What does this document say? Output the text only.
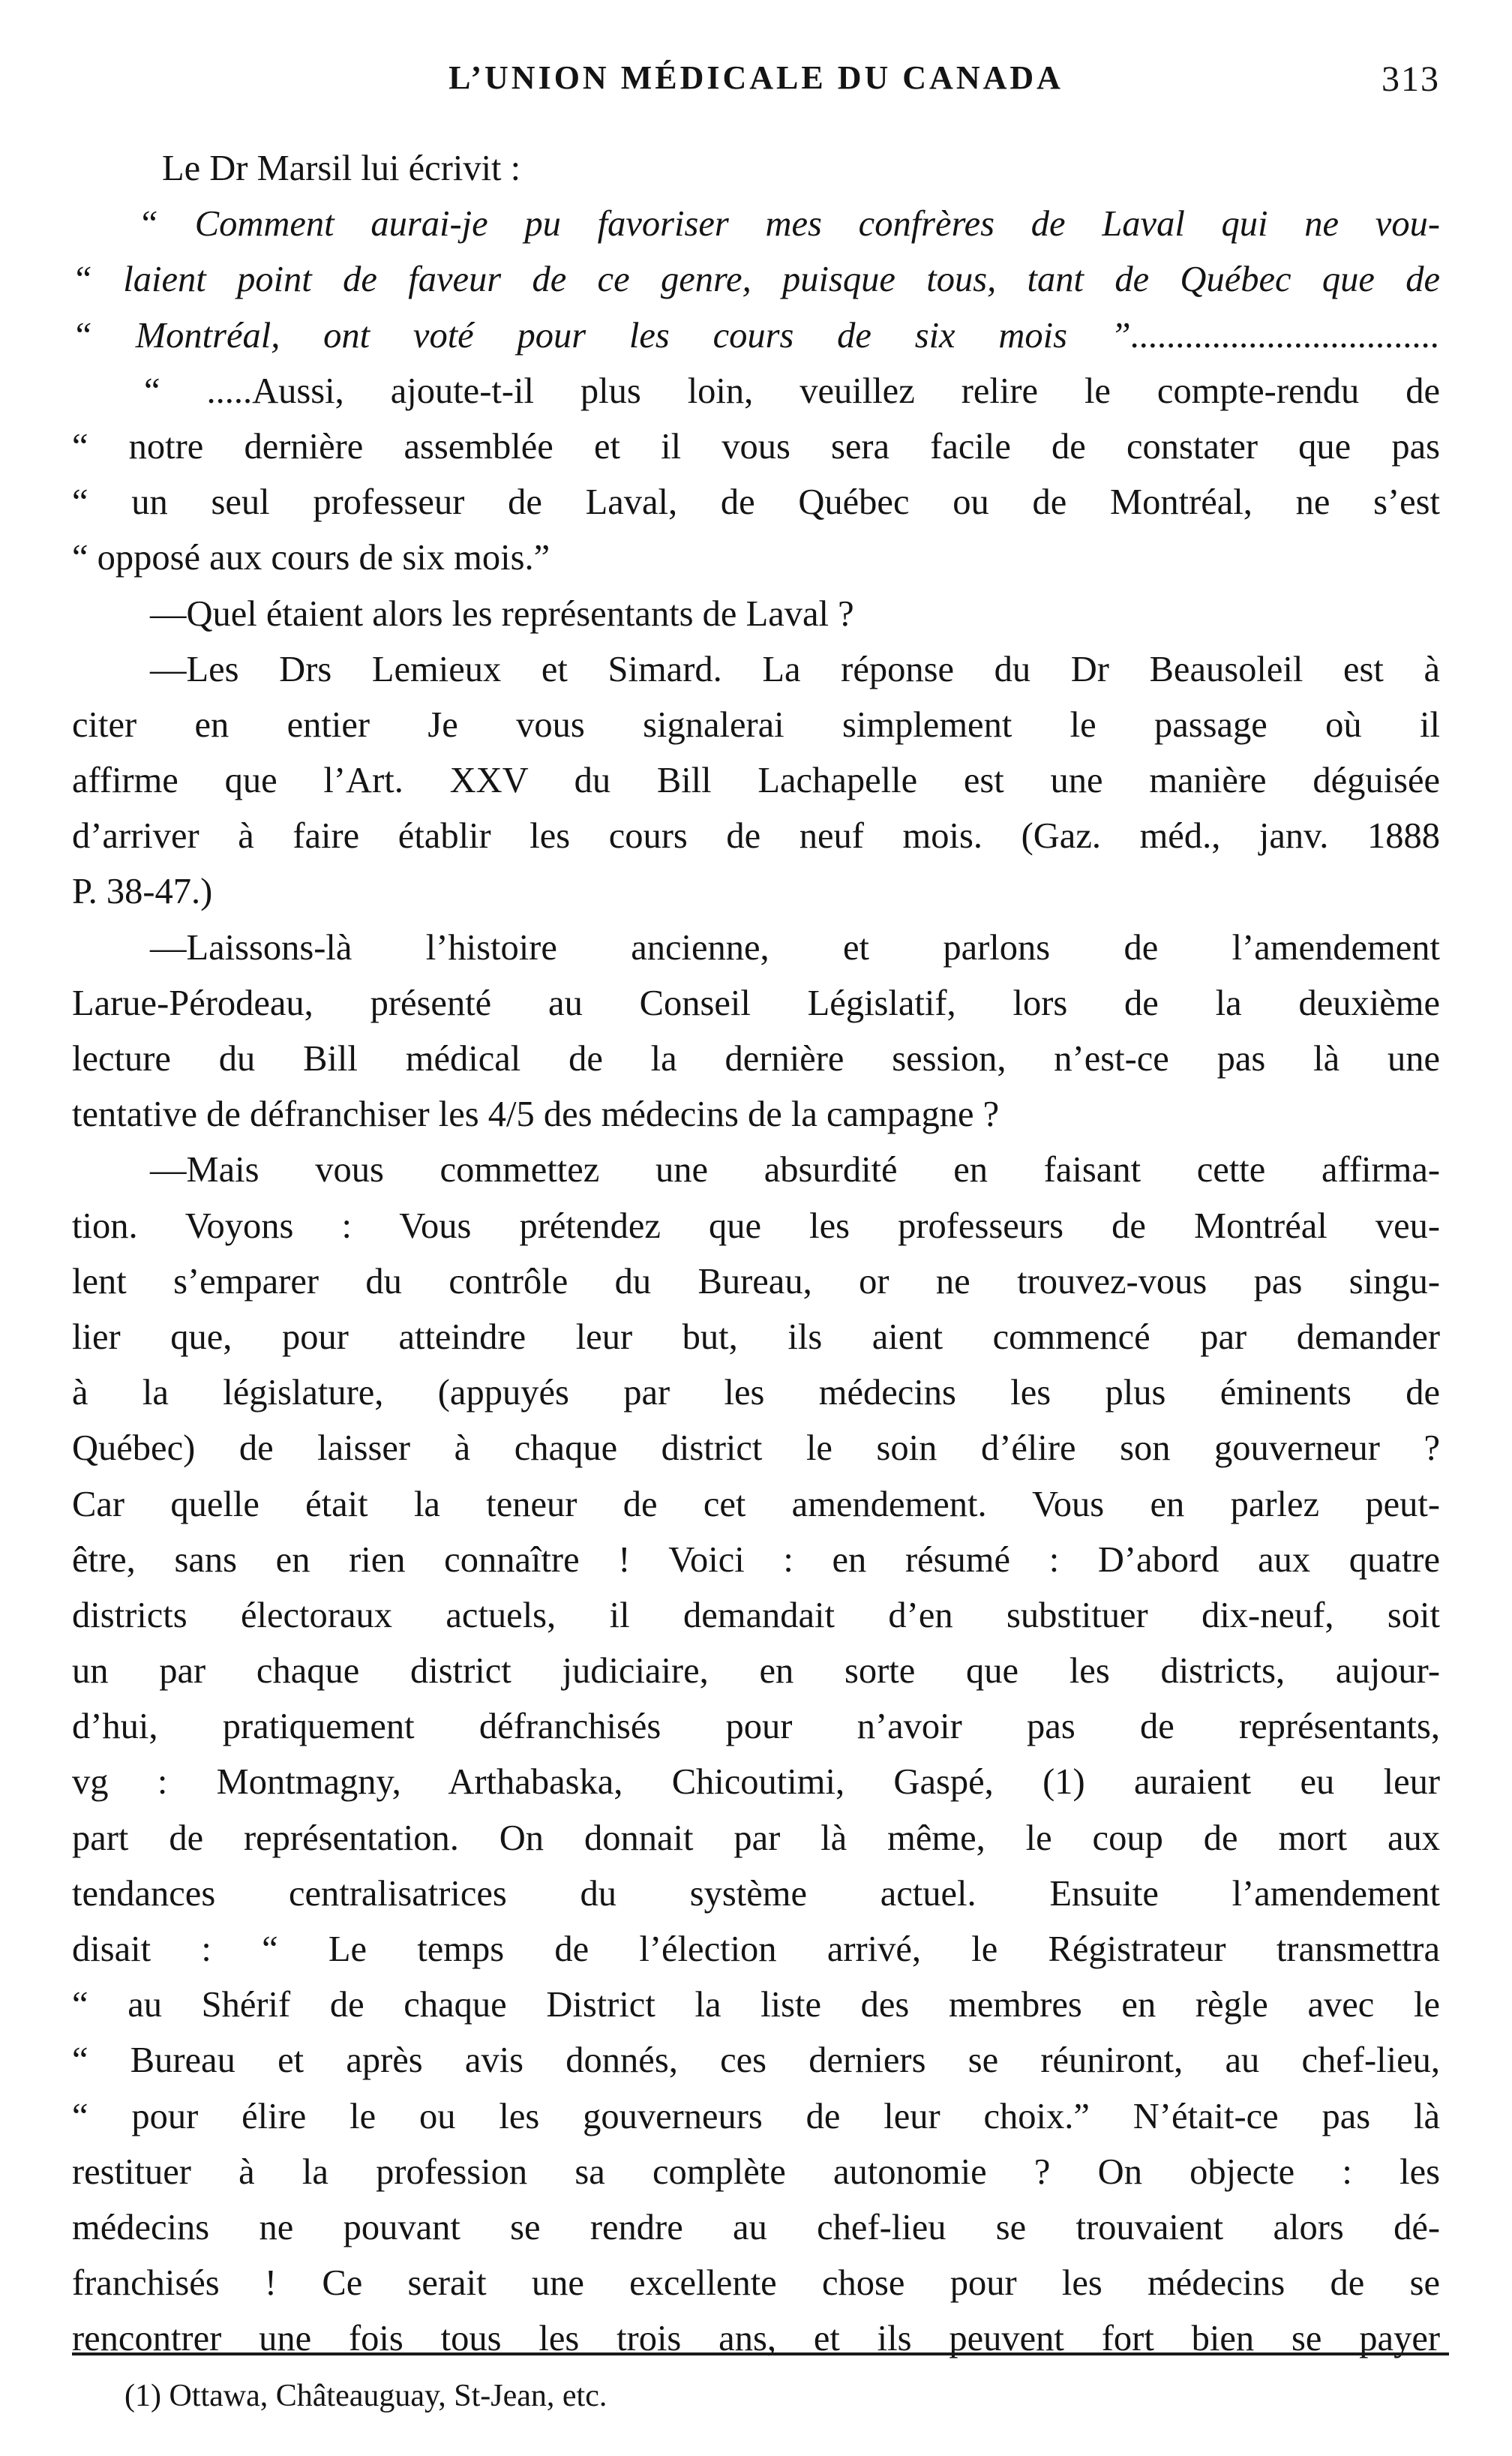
L’UNION MÉDICALE DU CANADA	313
Le Dr Marsil lui écrivit :
“ Comment aurai-je pu favoriser mes confrères de Laval qui ne vou-
“ laient point de faveur de ce genre, puisque tous, tant de Québec que de
“ Montréal, ont voté pour les cours de six mois ”..................................
“ .....Aussi, ajoute-t-il plus loin, veuillez relire le compte-rendu de
“ notre dernière assemblée et il vous sera facile de constater que pas
“ un seul professeur de Laval, de Québec ou de Montréal, ne s’est
“ opposé aux cours de six mois.”
—Quel étaient alors les représentants de Laval ?
—Les Drs Lemieux et Simard. La réponse du Dr Beausoleil est à
citer en entier Je vous signalerai simplement le passage où il
affirme que l’Art. XXV du Bill Lachapelle est une manière déguisée
d’arriver à faire établir les cours de neuf mois. (Gaz. méd., janv. 1888
P. 38-47.)
—Laissons-là l’histoire ancienne, et parlons de l’amendement
Larue-Pérodeau, présenté au Conseil Législatif, lors de la deuxième
lecture du Bill médical de la dernière session, n’est-ce pas là une
tentative de défranchiser les 4/5 des médecins de la campagne ?
—Mais vous commettez une absurdité en faisant cette affirma-
tion. Voyons : Vous prétendez que les professeurs de Montréal veu-
lent s’emparer du contrôle du Bureau, or ne trouvez-vous pas singu-
lier que, pour atteindre leur but, ils aient commencé par demander
à la législature, (appuyés par les médecins les plus éminents de
Québec) de laisser à chaque district le soin d’élire son gouverneur ?
Car quelle était la teneur de cet amendement. Vous en parlez peut-
être, sans en rien connaître ! Voici : en résumé : D’abord aux quatre
districts électoraux actuels, il demandait d’en substituer dix-neuf, soit
un par chaque district judiciaire, en sorte que les districts, aujour-
d’hui, pratiquement défranchisés pour n’avoir pas de représentants,
vg : Montmagny, Arthabaska, Chicoutimi, Gaspé, (1) auraient eu leur
part de représentation. On donnait par là même, le coup de mort aux
tendances centralisatrices du système actuel. Ensuite l’amendement
disait : “ Le temps de l’élection arrivé, le Régistrateur transmettra
“ au Shérif de chaque District la liste des membres en règle avec le
“ Bureau et après avis donnés, ces derniers se réuniront, au chef-lieu,
“ pour élire le ou les gouverneurs de leur choix.” N’était-ce pas là
restituer à la profession sa complète autonomie ? On objecte : les
médecins ne pouvant se rendre au chef-lieu se trouvaient alors dé-
franchisés ! Ce serait une excellente chose pour les médecins de se
rencontrer une fois tous les trois ans, et ils peuvent fort bien se payer
(1) Ottawa, Châteauguay, St-Jean, etc.
